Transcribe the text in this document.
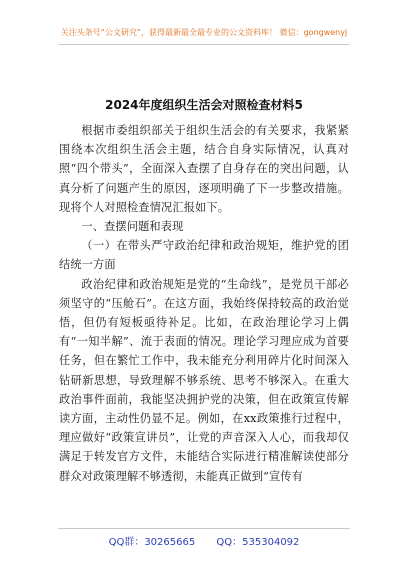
关注头条号“公文研究”，获得最新最全最专业的公文资料库！ 微信：gongwenyj
2024年度组织生活会对照检查材料5

根据市委组织部关于组织生活会的有关要求，我紧紧围绕本次组织生活会主题，结合自身实际情况，认真对照“四个带头”，全面深入查摆了自身存在的突出问题，认真分析了问题产生的原因，逐项明确了下一步整改措施。现将个人对照检查情况汇报如下。

一、查摆问题和表现

（一）在带头严守政治纪律和政治规矩，维护党的团结统一方面

政治纪律和政治规矩是党的“生命线”，是党员干部必须坚守的“压舱石”。在这方面，我始终保持较高的政治觉悟，但仍有短板亟待补足。比如，在政治理论学习上偶有“一知半解”、流于表面的情况。理论学习理应成为首要任务，但在繁忙工作中，我未能充分利用碎片化时间深入钻研新思想，导致理解不够系统、思考不够深入。在重大政治事件面前，我能坚决拥护党的决策，但在政策宣传解读方面，主动性仍显不足。例如，在xx政策推行过程中，理应做好“政策宣讲员”，让党的声音深入人心，而我却仅满足于转发官方文件，未能结合实际进行精准解读使部分群众对政策理解不够透彻，未能真正做到“宣传有

QQ群：30265665 QQ：535304092
